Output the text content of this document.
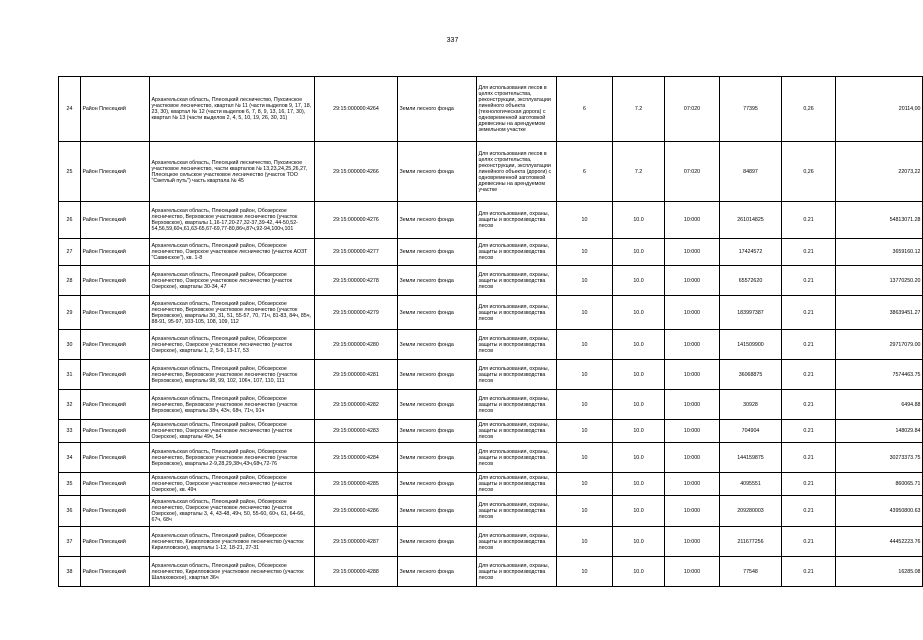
337
24	Район Плесецкий	Архангельская область, Плесецкий лесничество, Пуксинское участковое лесничество, квартал № 11 (части выделов 9, 17, 18, 23, 30), квартал № 12 (части выделов 6, 7, 8, 9, 13, 16, 17, 30), квартал № 13 (части выделов 2, 4, 5, 10, 19, 26, 30, 31)	29:15:000000:4264	Земли лесного фонда	Для использования лесов в целях строительства, реконструкции, эксплуатации линейного объекта (технологическая дорога) с одновременной заготовкой древесины на арендуемом земельном участке	6	7.2	07:020	77395	0,26	20114,00
25	Район Плесецкий	Архангельская область, Плесецкий лесничество, Пуксинское участковое лесничество, части кварталов № 13,23,24,25,26,27, Плесецкое сельское участковое лесничество (участок ТОО "Светлый путь") часть квартала № 45	29:15:000000:4266	Земли лесного фонда	Для использования лесов в целях строительства, реконструкции, эксплуатации линейного объекта (дороги) с одновременной заготовкой древесины на арендуемом участке	6	7.2	07:020	84897	0,26	22073,22
26	Район Плесецкий	Архангельская область, Плесецкий район, Обозерское лесничество, Верховское участковое лесничество (участок Верховское), кварталы 1,16-17,20-27,32-37,39-42, 44-50,52-54,56,59,60ч,61,63-65,67-69,77-80,86ч,87ч,92-94,100ч,101	29:15:000000:4276	Земли лесного фонда	Для использования, охраны, защиты и воспроизводства лесов	10	10.0	10:000	261014825	0.21	54813071.28
27	Район Плесецкий	Архангельская область, Плесецкий район, Обозерское лесничество, Озерское участковое лесничество (участок АОЗТ "Савинское"), кв. 1-8	29:15:000000:4277	Земли лесного фонда	Для использования, охраны, защиты и воспроизводства лесов	10	10.0	10:000	17424572	0.21	3659160.12
28	Район Плесецкий	Архангельская область, Плесецкий район, Обозерское лесничество, Озерское участковое лесничество (участок Озерское), кварталы 30-34, 47	29:15:000000:4278	Земли лесного фонда	Для использования, охраны, защиты и воспроизводства лесов	10	10.0	10:000	65572620	0.21	13770250.20
29	Район Плесецкий	Архангельская область, Плесецкий район, Обозерское лесничество, Верховское участковое лесничество (участок Верховское), кварталы 30, 31, 51, 55-57, 70, 71ч, 81-83, 84ч, 85ч, 88-91, 95-97, 103-105, 108, 109, 112	29:15:000000:4279	Земли лесного фонда	Для использования, охраны, защиты и воспроизводства лесов	10	10.0	10:000	183997387	0.21	38639451.27
30	Район Плесецкий	Архангельская область, Плесецкий район, Обозерское лесничество, Озерское участковое лесничество (участок Озерское), кварталы 1, 2, 5-9, 13-17, 53	29:15:000000:4280	Земли лесного фонда	Для использования, охраны, защиты и воспроизводства лесов	10	10.0	10:000	141509900	0.21	29717079.00
31	Район Плесецкий	Архангельская область, Плесецкий район, Обозерское лесничество, Верховское участковое лесничество (участок Верховское), кварталы 98, 99, 102, 106ч, 107, 110, 111	29:15:000000:4281	Земли лесного фонда	Для использования, охраны, защиты и воспроизводства лесов	10	10.0	10:000	36068875	0.21	7574463.75
32	Район Плесецкий	Архангельская область, Плесецкий район, Обозерское лесничество, Верховское участковое лесничество (участок Верховское), кварталы 38ч, 43ч, 68ч, 71ч, 91ч	29:15:000000:4282	Земли лесного фонда	Для использования, охраны, защиты и воспроизводства лесов	10	10.0	10:000	30928	0.21	6494.88
33	Район Плесецкий	Архангельская область, Плесецкий район, Обозерское лесничество, Озерское участковое лесничество (участок Озерское), кварталы 49ч, 54	29:15:000000:4283	Земли лесного фонда	Для использования, охраны, защиты и воспроизводства лесов	10	10.0	10:000	704904	0.21	148029.84
34	Район Плесецкий	Архангельская область, Плесецкий район, Обозерское лесничество, Верховское участковое лесничество (участок Верховское), кварталы 2-9,28,29,38ч,43ч,68ч,72-76	29:15:000000:4284	Земли лесного фонда	Для использования, охраны, защиты и воспроизводства лесов	10	10.0	10:000	144159875	0.21	30273373.75
35	Район Плесецкий	Архангельская область, Плесецкий район, Обозерское лесничество, Озерское участковое лесничество (участок Озерское), кв. 49ч	29:15:000000:4285	Земли лесного фонда	Для использования, охраны, защиты и воспроизводства лесов	10	10.0	10:000	4095551	0.21	860065.71
36	Район Плесецкий	Архангельская область, Плесецкий район, Обозерское лесничество, Озерское участковое лесничество (участок Озерское), кварталы 3, 4, 43-48, 49ч, 50, 55-60, 60ч, 61, 64-66, 67ч, 68ч	29:15:000000:4286	Земли лесного фонда	Для использования, охраны, защиты и воспроизводства лесов	10	10.0	10:000	209280003	0.21	43950800.63
37	Район Плесецкий	Архангельская область, Плесецкий район, Обозерское лесничество, Кирилловское участковое лесничество (участок Кирилловское), кварталы 1-12, 18-21, 27-31	29:15:000000:4287	Земли лесного фонда	Для использования, охраны, защиты и воспроизводства лесов	10	10.0	10:000	211677256	0.21	44452223.76
38	Район Плесецкий	Архангельская область, Плесецкий район, Обозерское лесничество, Кирилловское участковое лесничество (участок Шалаховское), квартал 36ч	29:15:000000:4288	Земли лесного фонда	Для использования, охраны, защиты и воспроизводства лесов	10	10.0	10:000	77548	0.21	16285.08
